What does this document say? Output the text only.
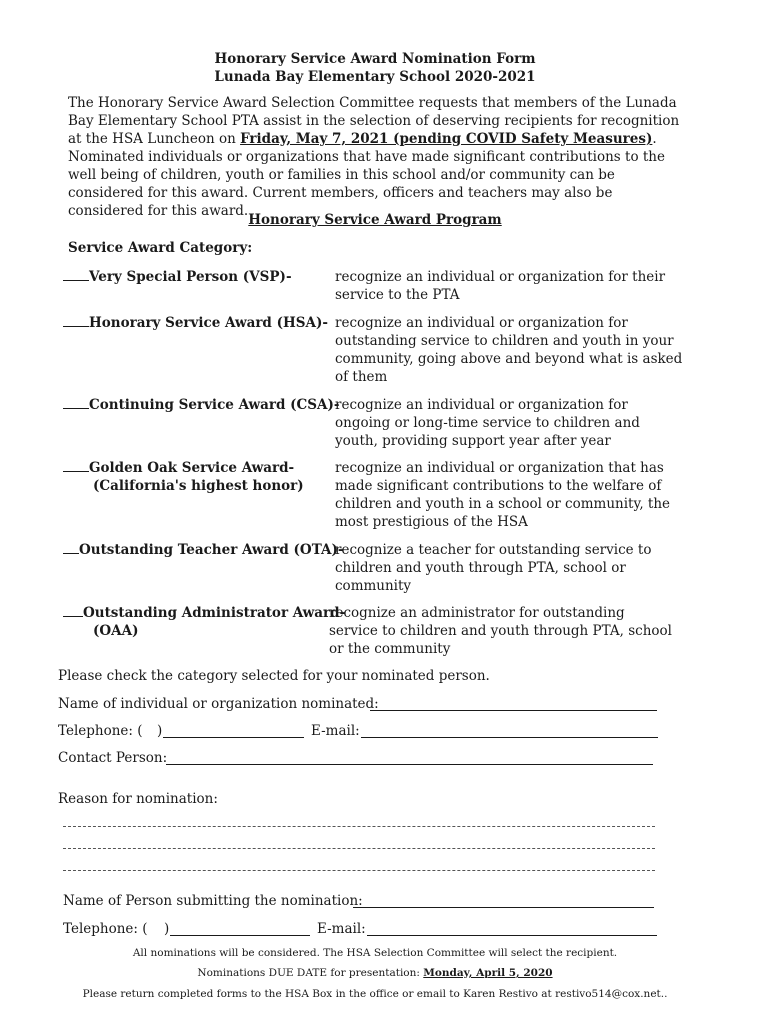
Honorary Service Award Nomination Form
Lunada Bay Elementary School 2020-2021
The Honorary Service Award Selection Committee requests that members of the Lunada Bay Elementary School PTA assist in the selection of deserving recipients for recognition at the HSA Luncheon on Friday, May 7, 2021 (pending COVID Safety Measures). Nominated individuals or organizations that have made significant contributions to the well being of children, youth or families in this school and/or community can be considered for this award. Current members, officers and teachers may also be considered for this award.
Honorary Service Award Program
Service Award Category:
Very Special Person (VSP)-	recognize an individual or organization for their service to the PTA
Honorary Service Award (HSA)- recognize an individual or organization for outstanding service to children and youth in your community, going above and beyond what is asked of them
Continuing Service Award (CSA)-
recognize an individual or organization for ongoing or long-time service to children and youth, providing support year after year
Golden Oak Service Award-
(California's highest honor)
recognize an individual or organization that has made significant contributions to the welfare of children and youth in a school or community, the most prestigious of the HSA
Outstanding Teacher Award (OTA)-
recognize a teacher for outstanding service to children and youth through PTA, school or community
Outstanding Administrator Award-
(OAA)
recognize an administrator for outstanding service to children and youth through PTA, school or the community
Please check the category selected for your nominated person.
Name of individual or organization nominated:
Telephone: ( )	E-mail:
Contact Person:
Reason for nomination:
Name of Person submitting the nomination:
Telephone: ( )	E-mail:
All nominations will be considered. The HSA Selection Committee will select the recipient.
Nominations DUE DATE for presentation: Monday, April 5, 2020
Please return completed forms to the HSA Box in the office or email to Karen Restivo at restivo514@cox.net..
